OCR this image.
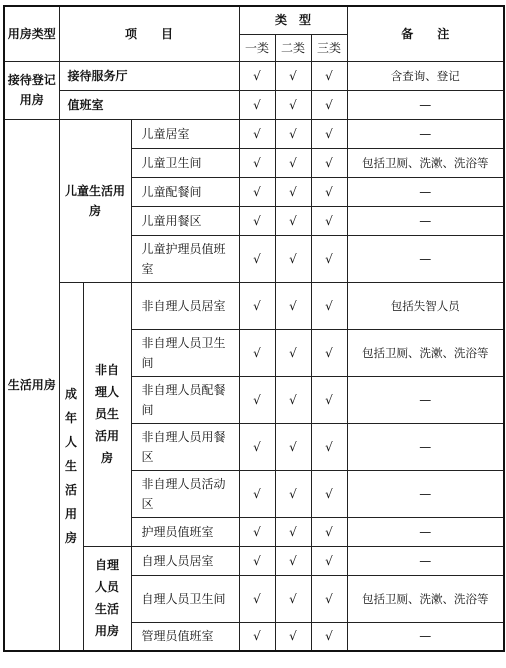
用房类型	项　　目			类　型			备　　注
				一类	二类	三类	
接待登记用房	接待服务厅			√	√	√	含查询、登记
	值班室			√	√	√	—
生活用房	儿童生活用房		儿童居室	√	√	√	—
			儿童卫生间	√	√	√	包括卫厕、洗漱、洗浴等
			儿童配餐间	√	√	√	—
			儿童用餐区	√	√	√	—
			儿童护理员值班室	√	√	√	—

	成年人生活用房	非自理人员生活用房	非自理人员居室	√	√	√	包括失智人员
			非自理人员卫生间	√	√	√	包括卫厕、洗漱、洗浴等
			非自理人员配餐间	√	√	√	—
			非自理人员用餐区	√	√	√	—
			非自理人员活动区	√	√	√	—
			护理员值班室	√	√	√	—

		自理人员生活用房	自理人员居室	√	√	√	—
			自理人员卫生间	√	√	√	包括卫厕、洗漱、洗浴等
			管理员值班室	√	√	√	—
